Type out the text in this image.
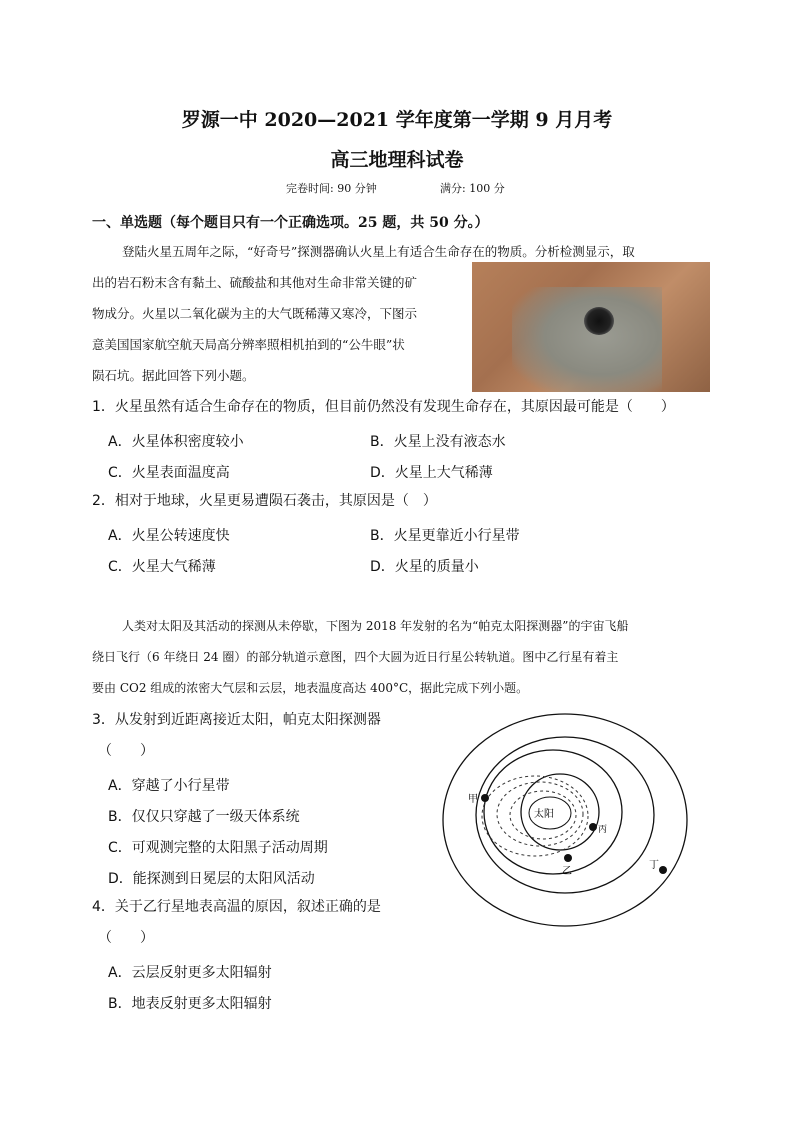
罗源一中 2020—2021 学年度第一学期 9 月月考
高三地理科试卷
完卷时间: 90 分钟	满分: 100 分
一、单选题（每个题目只有一个正确选项。25 题，共 50 分。）
登陆火星五周年之际，“好奇号”探测器确认火星上有适合生命存在的物质。分析检测显示，取
出的岩石粉末含有黏土、硫酸盐和其他对生命非常关键的矿
物成分。火星以二氧化碳为主的大气既稀薄又寒冷，下图示
意美国国家航空航天局高分辨率照相机拍到的“公牛眼”状
陨石坑。据此回答下列小题。
1．火星虽然有适合生命存在的物质，但目前仍然没有发现生命存在，其原因最可能是（　　）
A．火星体积密度较小	B．火星上没有液态水
C．火星表面温度高	D．火星上大气稀薄
2．相对于地球，火星更易遭陨石袭击，其原因是（　）
A．火星公转速度快	B．火星更靠近小行星带
C．火星大气稀薄	D．火星的质量小
人类对太阳及其活动的探测从未停歇，下图为 2018 年发射的名为“帕克太阳探测器”的宇宙飞船
绕日飞行（6 年绕日 24 圈）的部分轨道示意图，四个大圆为近日行星公转轨道。图中乙行星有着主
要由 CO2 组成的浓密大气层和云层，地表温度高达 400°C，据此完成下列小题。
3．从发射到近距离接近太阳，帕克太阳探测器
（　　）
A．穿越了小行星带
B．仅仅只穿越了一级天体系统
C．可观测完整的太阳黑子活动周期
D．能探测到日冕层的太阳风活动
4．关于乙行星地表高温的原因，叙述正确的是
（　　）
A．云层反射更多太阳辐射
B．地表反射更多太阳辐射
太阳
甲
丙
乙
丁
